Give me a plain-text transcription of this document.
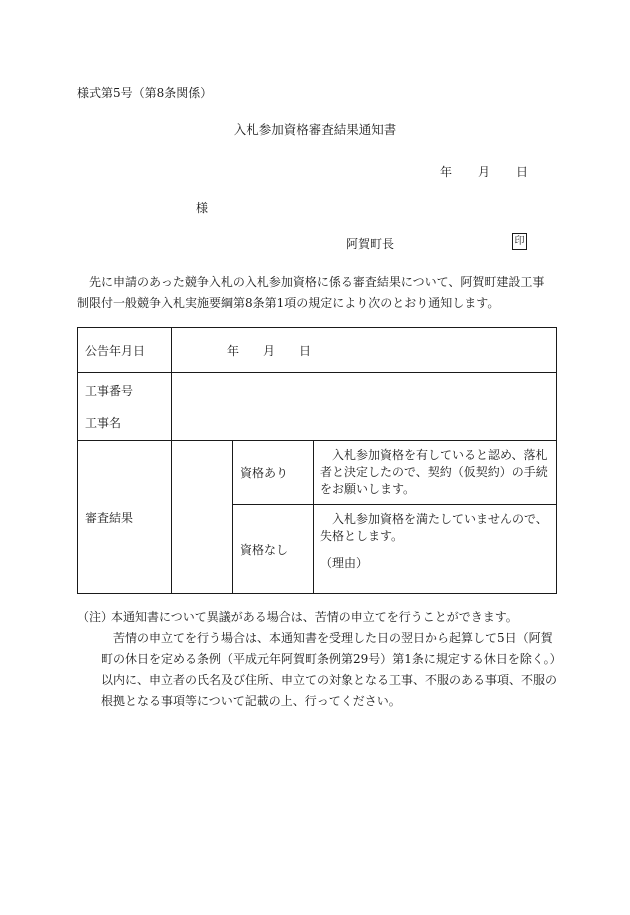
様式第5号（第8条関係）
入札参加資格審査結果通知書
年 月 日
様
阿賀町長	印
先に申請のあった競争入札の入札参加資格に係る審査結果について、阿賀町建設工事制限付一般競争入札実施要綱第8条第1項の規定により次のとおり通知します。
公告年月日	年 月 日		

工事番号
工事名			

審査結果		資格あり	入札参加資格を有していると認め、落札者と決定したので、契約（仮契約）の手続をお願いします。

		資格なし	入札参加資格を満たしていませんので、失格とします。

（理由）

（注）
本通知書について異議がある場合は、苦情の申立てを行うことができます。
苦情の申立てを行う場合は、本通知書を受理した日の翌日から起算して5日（阿賀町の休日を定める条例（平成元年阿賀町条例第29号）第1条に規定する休日を除く。）以内に、申立者の氏名及び住所、申立ての対象となる工事、不服のある事項、不服の根拠となる事項等について記載の上、行ってください。
